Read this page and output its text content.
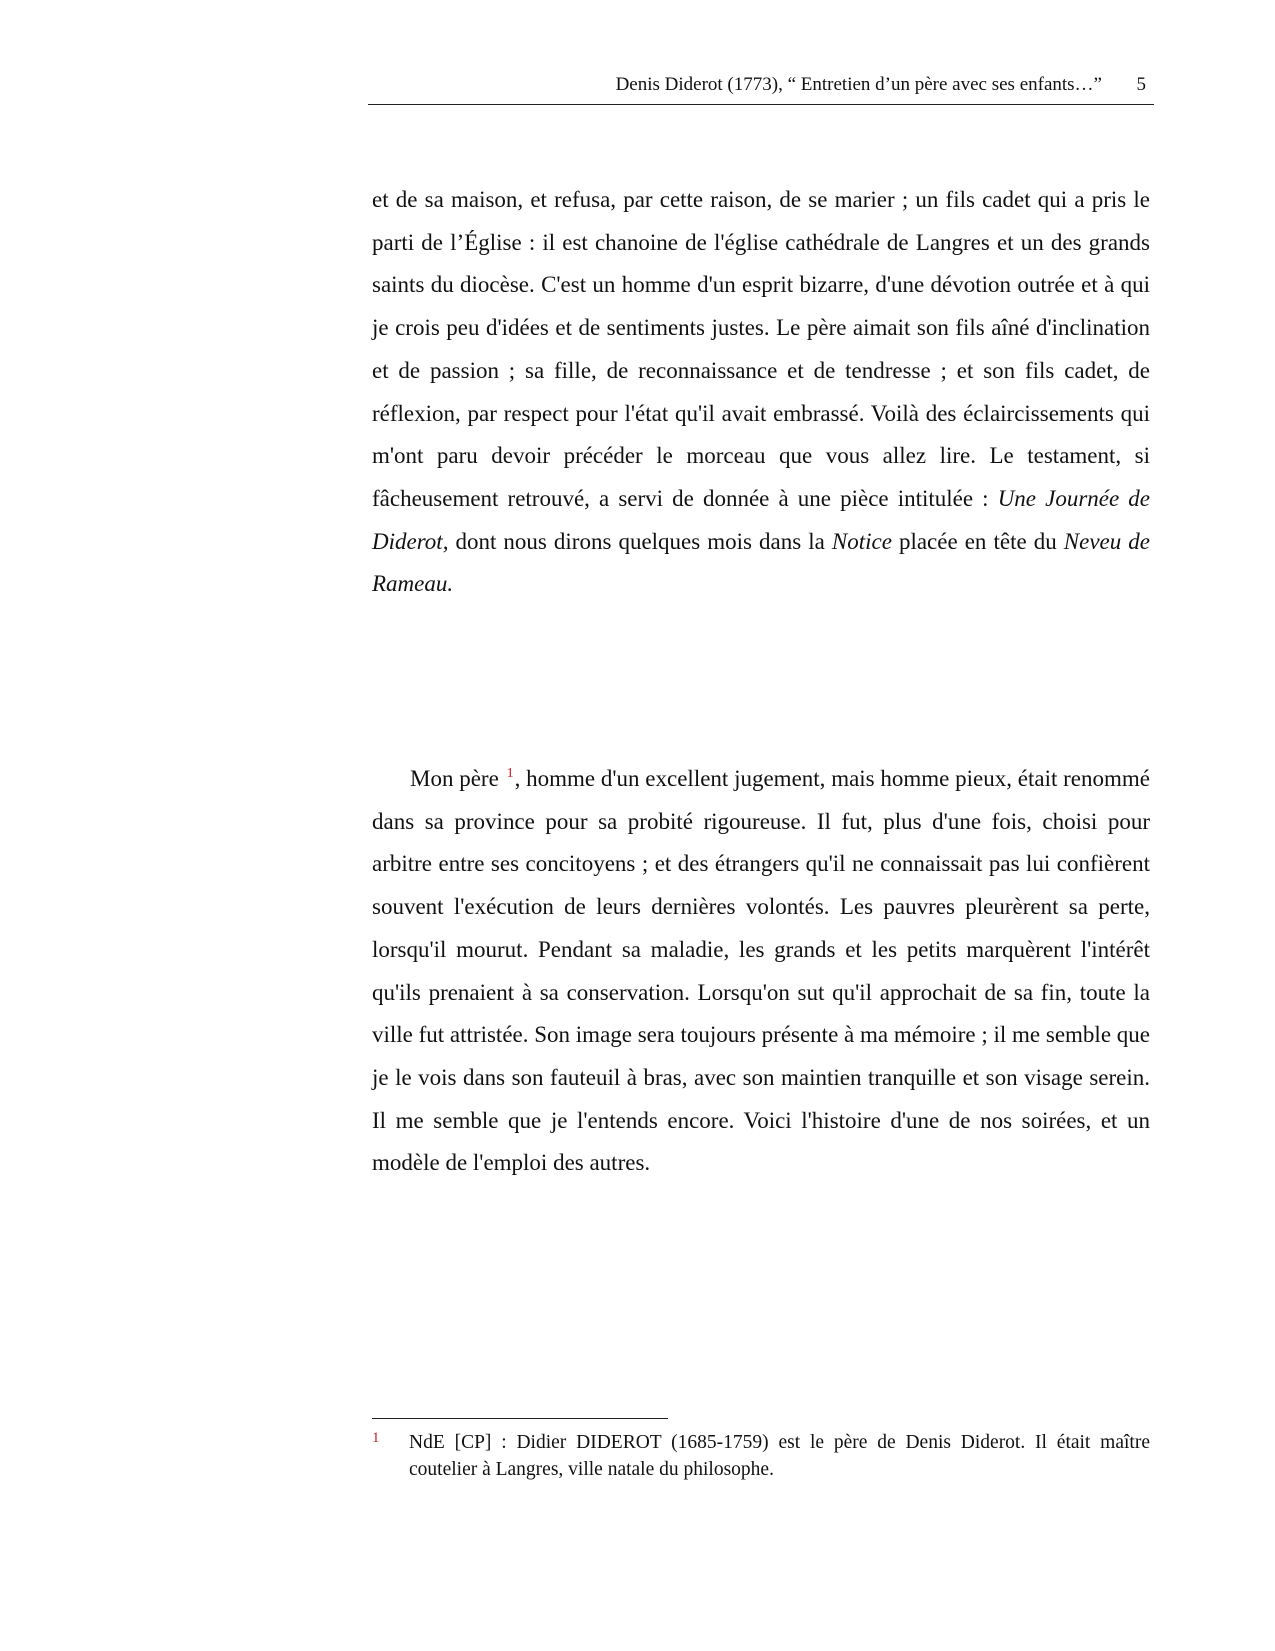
Denis Diderot (1773), “ Entretien d’un père avec ses enfants…” 5

et de sa maison, et refusa, par cette raison, de se marier ; un fils cadet qui a pris le parti de l’Église : il est chanoine de l'église cathédrale de Langres et un des grands saints du diocèse. C'est un homme d'un esprit bizarre, d'une dévotion outrée et à qui je crois peu d'idées et de sentiments justes. Le père aimait son fils aîné d'inclination et de passion ; sa fille, de reconnaissance et de tendresse ; et son fils cadet, de réflexion, par respect pour l'état qu'il avait embrassé. Voilà des éclaircissements qui m'ont paru devoir précéder le morceau que vous allez lire. Le testament, si fâcheusement retrouvé, a servi de donnée à une pièce intitulée : Une Journée de Diderot, dont nous dirons quelques mois dans la Notice placée en tête du Neveu de Rameau.

Mon père $^1$, homme d'un excellent jugement, mais homme pieux, était renommé dans sa province pour sa probité rigoureuse. Il fut, plus d'une fois, choisi pour arbitre entre ses concitoyens ; et des étrangers qu'il ne connaissait pas lui confièrent souvent l'exécution de leurs dernières volontés. Les pauvres pleurèrent sa perte, lorsqu'il mourut. Pendant sa maladie, les grands et les petits marquèrent l'intérêt qu'ils prenaient à sa conservation. Lorsqu'on sut qu'il approchait de sa fin, toute la ville fut attristée. Son image sera toujours présente à ma mémoire ; il me semble que je le vois dans son fauteuil à bras, avec son maintien tranquille et son visage serein. Il me semble que je l'entends encore. Voici l'histoire d'une de nos soirées, et un modèle de l'emploi des autres.

1 NdE [CP] : Didier DIDEROT (1685-1759) est le père de Denis Diderot. Il était maître coutelier à Langres, ville natale du philosophe.
